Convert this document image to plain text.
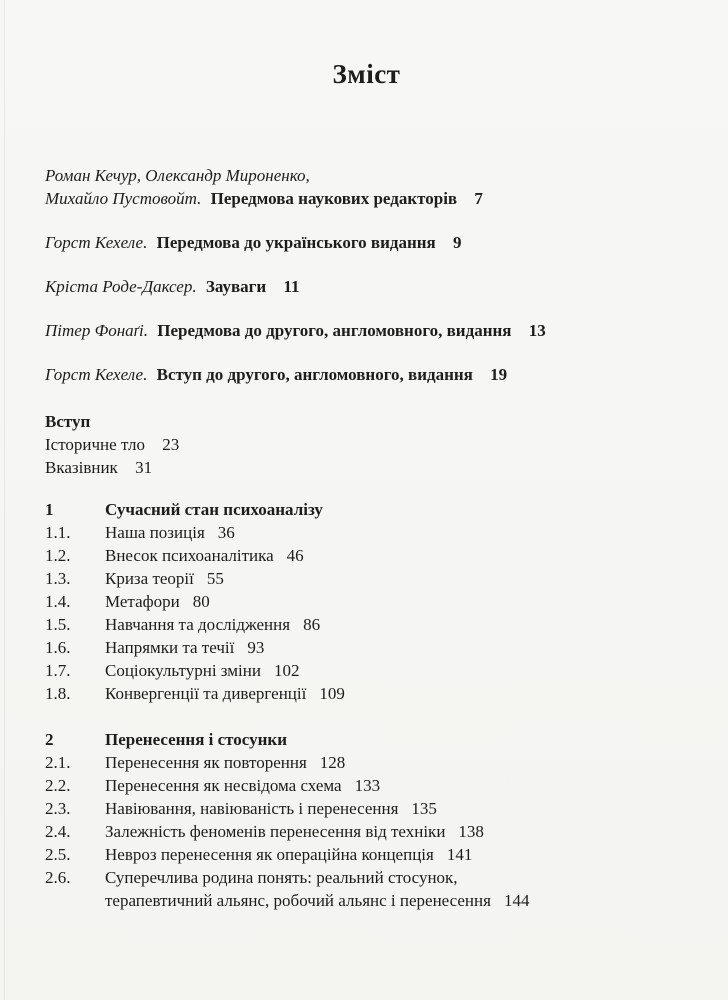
Зміст
Роман Кечур, Олександр Мироненко,
Михайло Пустовойт. Передмова наукових редакторів 7
Горст Кехеле. Передмова до українського видання 9
Кріста Роде-Даксер. Зауваги 11
Пітер Фонаґі. Передмова до другого, англомовного, видання 13
Горст Кехеле. Вступ до другого, англомовного, видання 19
Вступ
Історичне тло 23
Вказівник 31
1	Сучасний стан психоаналізу
1.1.	Наша позиція 36
1.2.	Внесок психоаналітика 46
1.3.	Криза теорії 55
1.4.	Метафори 80
1.5.	Навчання та дослідження 86
1.6.	Напрямки та течії 93
1.7.	Соціокультурні зміни 102
1.8.	Конвергенції та дивергенції 109
2	Перенесення і стосунки
2.1.	Перенесення як повторення 128
2.2.	Перенесення як несвідома схема 133
2.3.	Навіювання, навіюваність і перенесення 135
2.4.	Залежність феноменів перенесення від техніки 138
2.5.	Невроз перенесення як операційна концепція 141
2.6.	Суперечлива родина понять: реальний стосунок,
терапевтичний альянс, робочий альянс і перенесення 144
